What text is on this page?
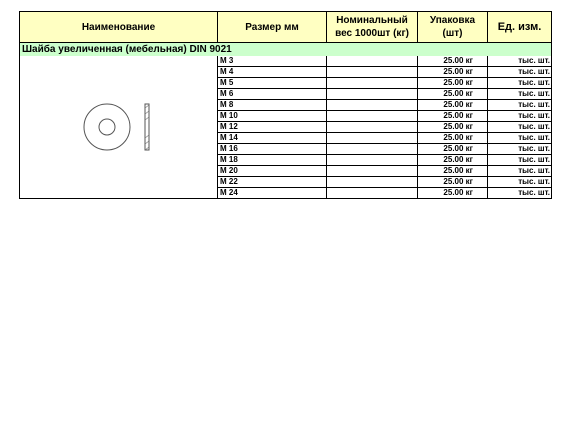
Наименование	Размер мм	Номинальный вес 1000шт (кг)	Упаковка (шт)	Ед. изм.
Шайба увеличенная (мебельная) DIN 9021				

	M 3		25.00 кг	тыс. шт.
	M 4		25.00 кг	тыс. шт.
	M 5		25.00 кг	тыс. шт.
	M 6		25.00 кг	тыс. шт.
	M 8		25.00 кг	тыс. шт.
	M 10		25.00 кг	тыс. шт.
	M 12		25.00 кг	тыс. шт.
	M 14		25.00 кг	тыс. шт.
	M 16		25.00 кг	тыс. шт.
	M 18		25.00 кг	тыс. шт.
	M 20		25.00 кг	тыс. шт.
	M 22		25.00 кг	тыс. шт.
	M 24		25.00 кг	тыс. шт.
